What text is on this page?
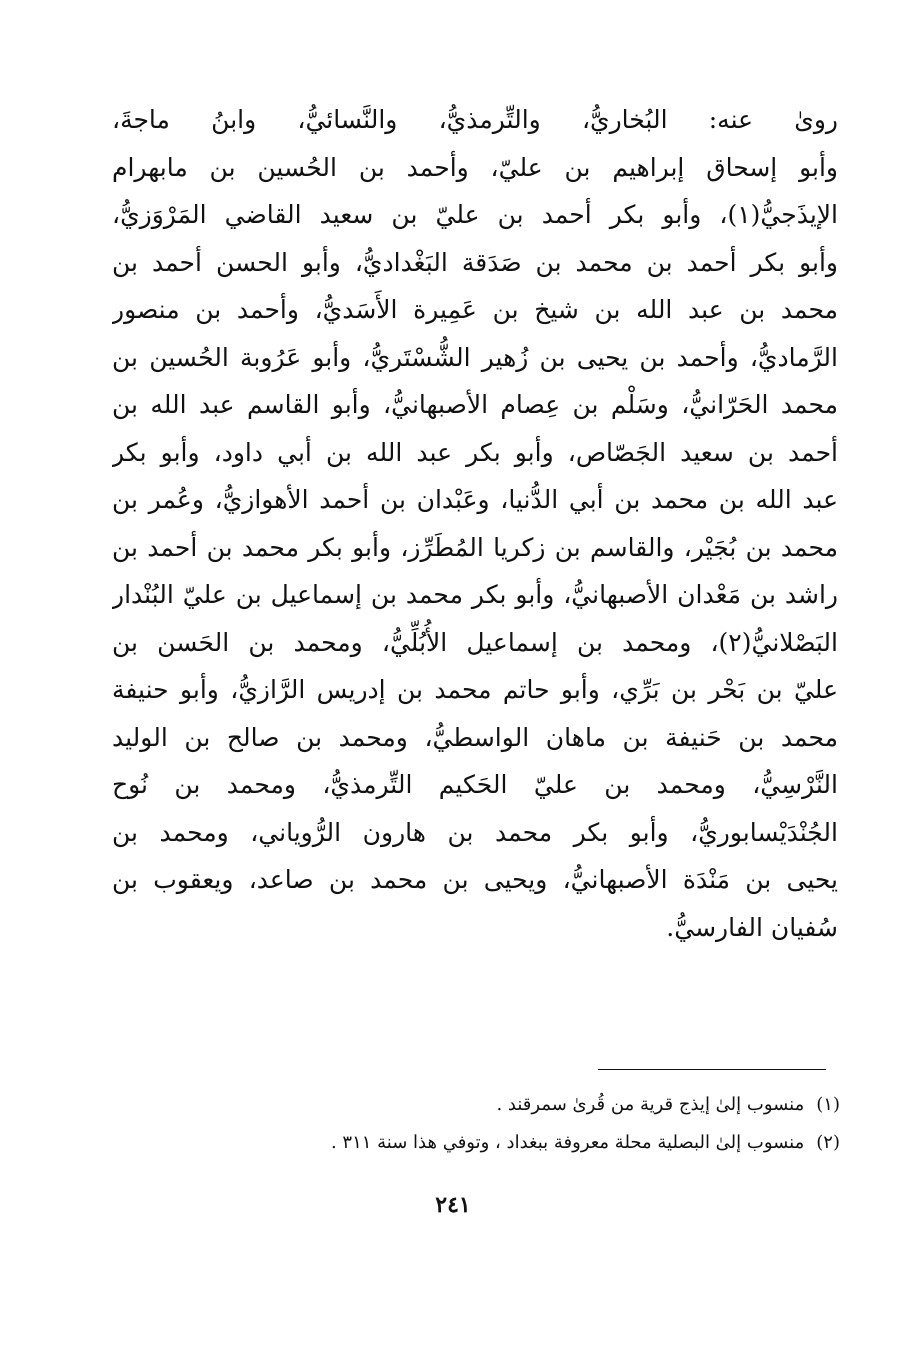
روىٰ عنه: البُخاريُّ، والتِّرمذيُّ، والنَّسائيُّ، وابنُ ماجةَ،
وأبو إسحاق إبراهيم بن عليّ، وأحمد بن الحُسين بن مابهرام
الإيذَجيُّ(١)، وأبو بكر أحمد بن عليّ بن سعيد القاضي المَرْوَزيُّ،
وأبو بكر أحمد بن محمد بن صَدَقة البَغْداديُّ، وأبو الحسن أحمد بن
محمد بن عبد الله بن شيخ بن عَمِيرة الأَسَديُّ، وأحمد بن منصور
الرَّماديُّ، وأحمد بن يحيى بن زُهير الشُّسْتَريُّ، وأبو عَرُوبة الحُسين بن
محمد الحَرّانيُّ، وسَلْم بن عِصام الأصبهانيُّ، وأبو القاسم عبد الله بن
أحمد بن سعيد الجَصّاص، وأبو بكر عبد الله بن أبي داود، وأبو بكر
عبد الله بن محمد بن أبي الدُّنيا، وعَبْدان بن أحمد الأهوازيُّ، وعُمر بن
محمد بن بُجَيْر، والقاسم بن زكريا المُطَرِّز، وأبو بكر محمد بن أحمد بن
راشد بن مَعْدان الأصبهانيُّ، وأبو بكر محمد بن إسماعيل بن عليّ البُنْدار
البَصْلانيُّ(٢)، ومحمد بن إسماعيل الأُبُلِّيُّ، ومحمد بن الحَسن بن
عليّ بن بَحْر بن بَرِّي، وأبو حاتم محمد بن إدريس الرَّازيُّ، وأبو حنيفة
محمد بن حَنيفة بن ماهان الواسطيُّ، ومحمد بن صالح بن الوليد
النَّرْسِيُّ، ومحمد بن عليّ الحَكيم التِّرمذيُّ، ومحمد بن نُوح
الجُنْدَيْسابوريُّ، وأبو بكر محمد بن هارون الرُّوياني، ومحمد بن
يحيى بن مَنْدَة الأصبهانيُّ، ويحيى بن محمد بن صاعد، ويعقوب بن
سُفيان الفارسيُّ.
(١)منسوب إلىٰ إيذج قرية من قُرىٰ سمرقند .
(٢)منسوب إلىٰ البصلية محلة معروفة ببغداد ، وتوفي هذا سنة ٣١١ .
٢٤١
